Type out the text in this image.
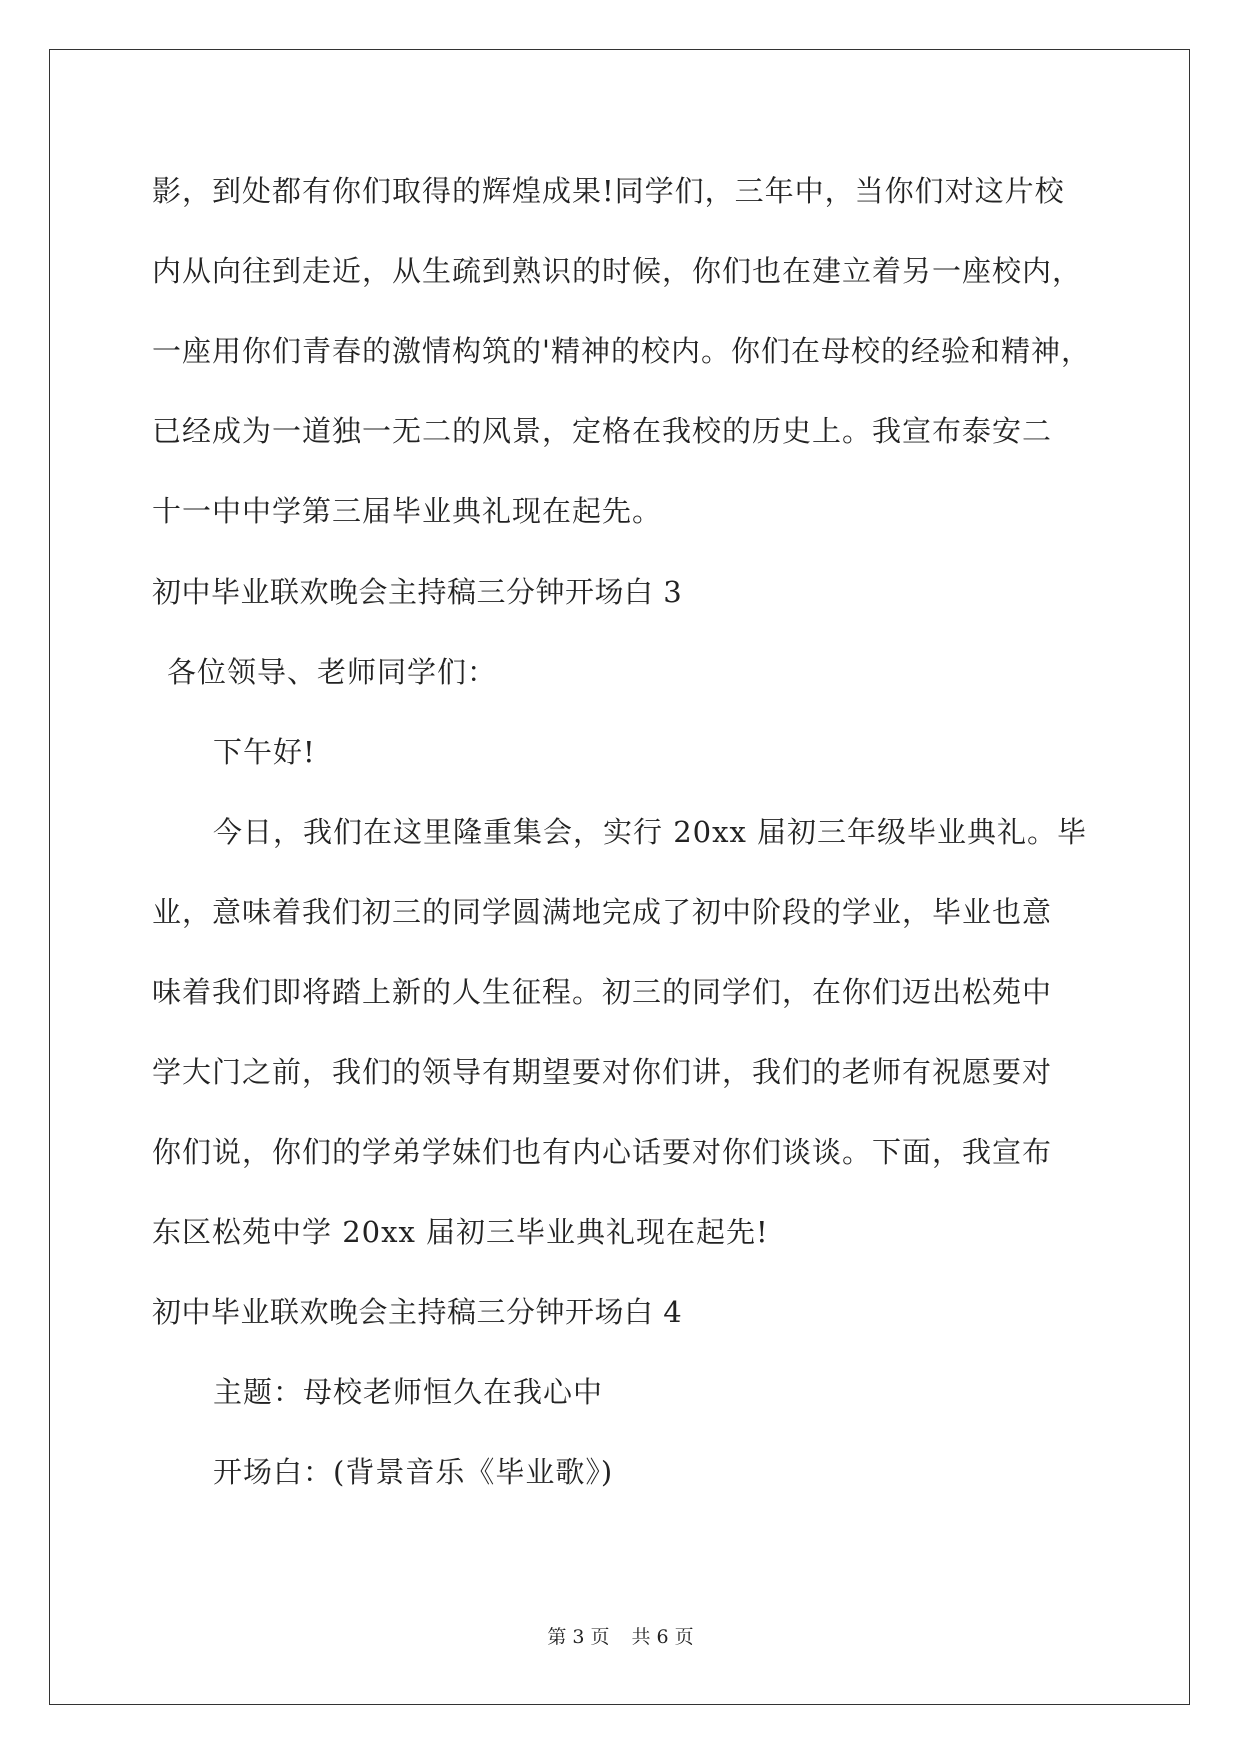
影，到处都有你们取得的辉煌成果!同学们，三年中，当你们对这片校
内从向往到走近，从生疏到熟识的时候，你们也在建立着另一座校内，
一座用你们青春的激情构筑的'精神的校内。你们在母校的经验和精神，
已经成为一道独一无二的风景，定格在我校的历史上。我宣布泰安二
十一中中学第三届毕业典礼现在起先。
初中毕业联欢晚会主持稿三分钟开场白 3
各位领导、老师同学们：
下午好!
今日，我们在这里隆重集会，实行 20xx 届初三年级毕业典礼。毕
业，意味着我们初三的同学圆满地完成了初中阶段的学业，毕业也意
味着我们即将踏上新的人生征程。初三的同学们，在你们迈出松苑中
学大门之前，我们的领导有期望要对你们讲，我们的老师有祝愿要对
你们说，你们的学弟学妹们也有内心话要对你们谈谈。下面，我宣布
东区松苑中学 20xx 届初三毕业典礼现在起先!
初中毕业联欢晚会主持稿三分钟开场白 4
主题：母校老师恒久在我心中
开场白：(背景音乐《毕业歌》)
第 3 页 共 6 页
